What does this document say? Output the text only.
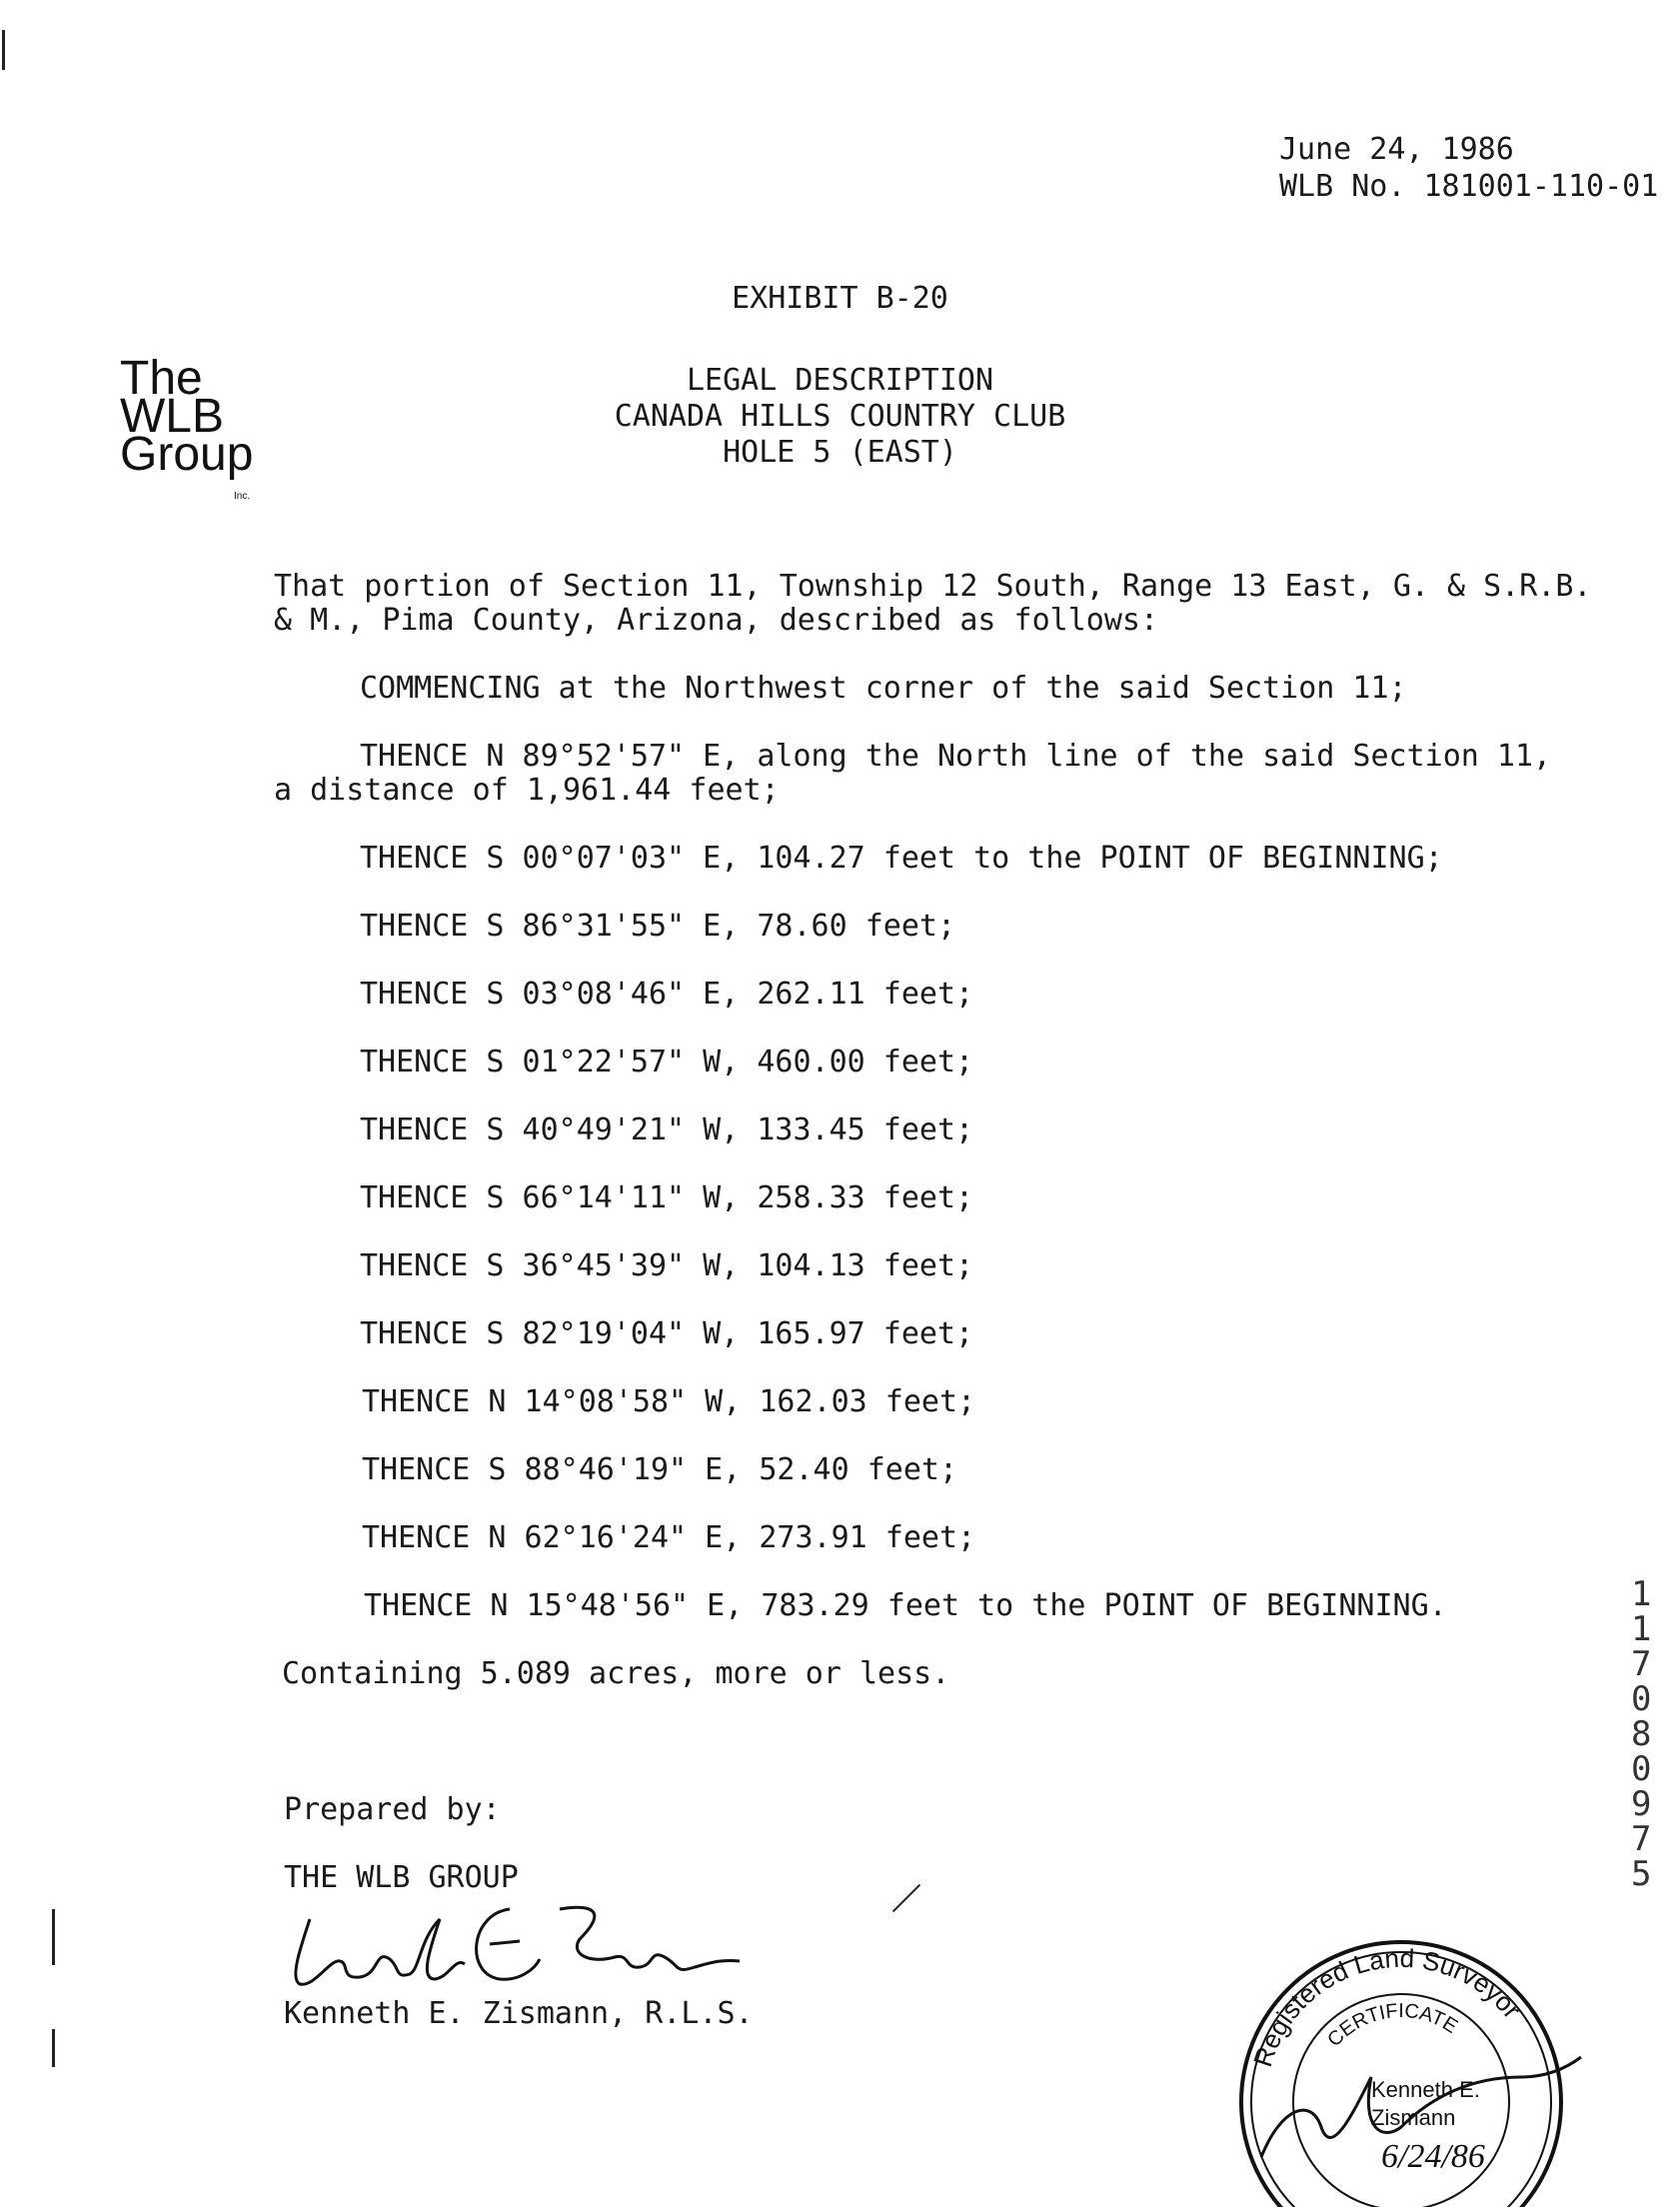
June 24, 1986
WLB No. 181001-110-01
EXHIBIT B-20
The
WLB
Group
Inc.
LEGAL DESCRIPTION
CANADA HILLS COUNTRY CLUB
HOLE 5 (EAST)
That portion of Section 11, Township 12 South, Range 13 East, G. & S.R.B.
& M., Pima County, Arizona, described as follows:
COMMENCING at the Northwest corner of the said Section 11;
THENCE N 89°52'57" E, along the North line of the said Section 11,
a distance of 1,961.44 feet;
THENCE S 00°07'03" E, 104.27 feet to the POINT OF BEGINNING;
THENCE S 86°31'55" E, 78.60 feet;
THENCE S 03°08'46" E, 262.11 feet;
THENCE S 01°22'57" W, 460.00 feet;
THENCE S 40°49'21" W, 133.45 feet;
THENCE S 66°14'11" W, 258.33 feet;
THENCE S 36°45'39" W, 104.13 feet;
THENCE S 82°19'04" W, 165.97 feet;
THENCE N 14°08'58" W, 162.03 feet;
THENCE S 88°46'19" E, 52.40 feet;
THENCE N 62°16'24" E, 273.91 feet;
THENCE N 15°48'56" E, 783.29 feet to the POINT OF BEGINNING.
Containing 5.089 acres, more or less.
Prepared by:
THE WLB GROUP
Kenneth E. Zismann, R.L.S.
Registered Land Surveyor
CERTIFICATE
Kenneth E.
Zismann
6/24/86
1
1
7
0
8
0
9
7
5
